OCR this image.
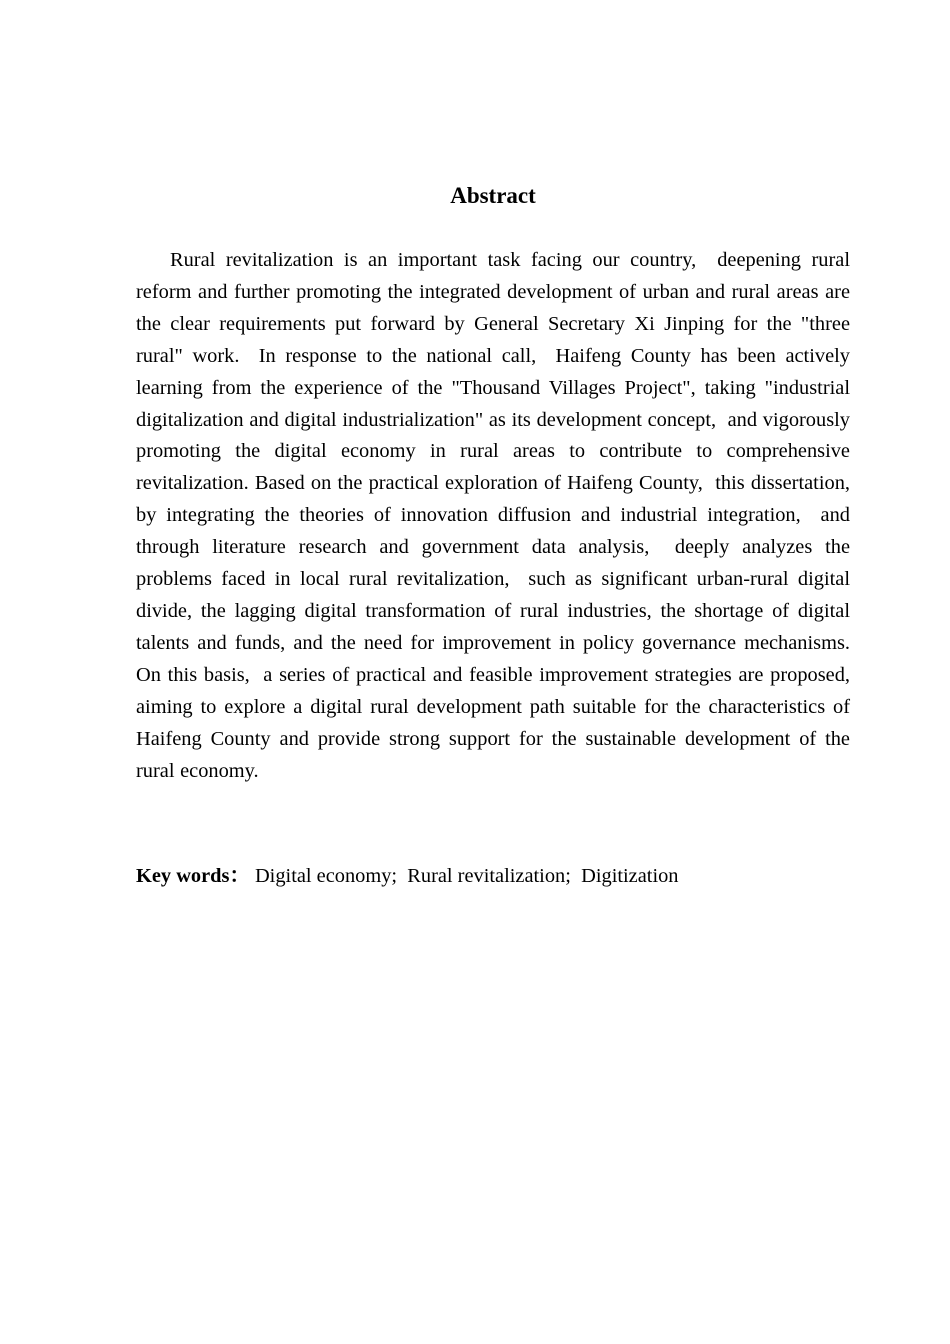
Abstract

Rural revitalization is an important task facing our country,  deepening rural reform and further promoting the integrated development of urban and rural areas are the clear requirements put forward by General Secretary Xi Jinping for the "three rural" work.  In response to the national call,  Haifeng County has been actively learning from the experience of the "Thousand Villages Project", taking "industrial digitalization and digital industrialization" as its development concept,  and vigorously promoting the digital economy in rural areas to contribute to comprehensive revitalization. Based on the practical exploration of Haifeng County,  this dissertation,  by integrating the theories of innovation diffusion and industrial integration,  and through literature research and government data analysis,  deeply analyzes the problems faced in local rural revitalization,  such as significant urban-rural digital divide, the lagging digital transformation of rural industries, the shortage of digital talents and funds, and the need for improvement in policy governance mechanisms. On this basis,  a series of practical and feasible improvement strategies are proposed,  aiming to explore a digital rural development path suitable for the characteristics of Haifeng County and provide strong support for the sustainable development of the rural economy.

Key words： Digital economy;  Rural revitalization;  Digitization
